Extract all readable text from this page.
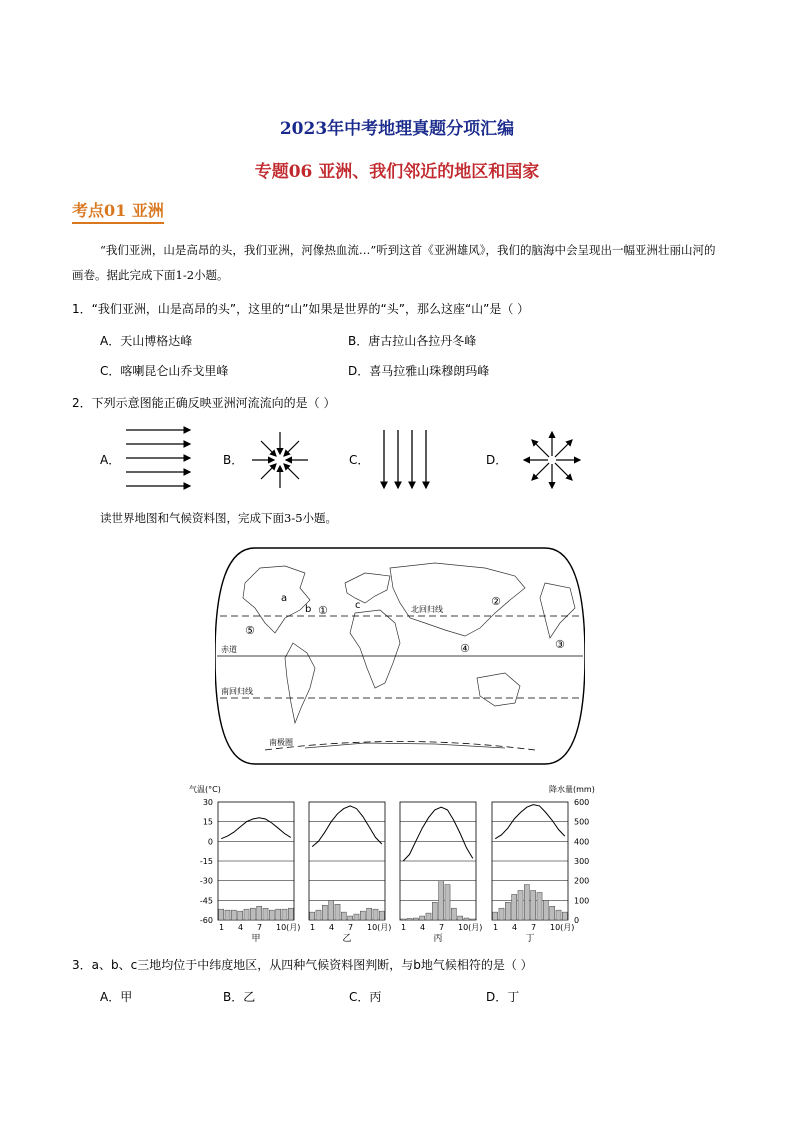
2023年中考地理真题分项汇编
专题06 亚洲、我们邻近的地区和国家
考点01 亚洲
“我们亚洲，山是高昂的头，我们亚洲，河像热血流…”听到这首《亚洲雄风》，我们的脑海中会呈现出一幅亚洲壮丽山河的画卷。据此完成下面1-2小题。
1．“我们亚洲，山是高昂的头”，这里的“山”如果是世界的“头”，那么这座“山”是（ ）
A．天山博格达峰	B．唐古拉山各拉丹冬峰
C．喀喇昆仑山乔戈里峰	D．喜马拉雅山珠穆朗玛峰
2．下列示意图能正确反映亚洲河流流向的是（ ）
A．	B．	C．	D．
读世界地图和气候资料图，完成下面3-5小题。
北回归线
赤道
南回归线
南极圈
a
b	c
①
②
③
④
⑤
气温(°C)	降水量(mm)
30
15
0
-15
-30
-45
-60
600
500
400
300
200
100
0
1 4 7 10(月)
甲
1 4 7 10(月)
乙
1 4 7 10(月)
丙
1 4 7 10(月)
丁
3．a、b、c三地均位于中纬度地区，从四种气候资料图判断，与b地气候相符的是（ ）
A．甲	B．乙	C．丙	D．丁
